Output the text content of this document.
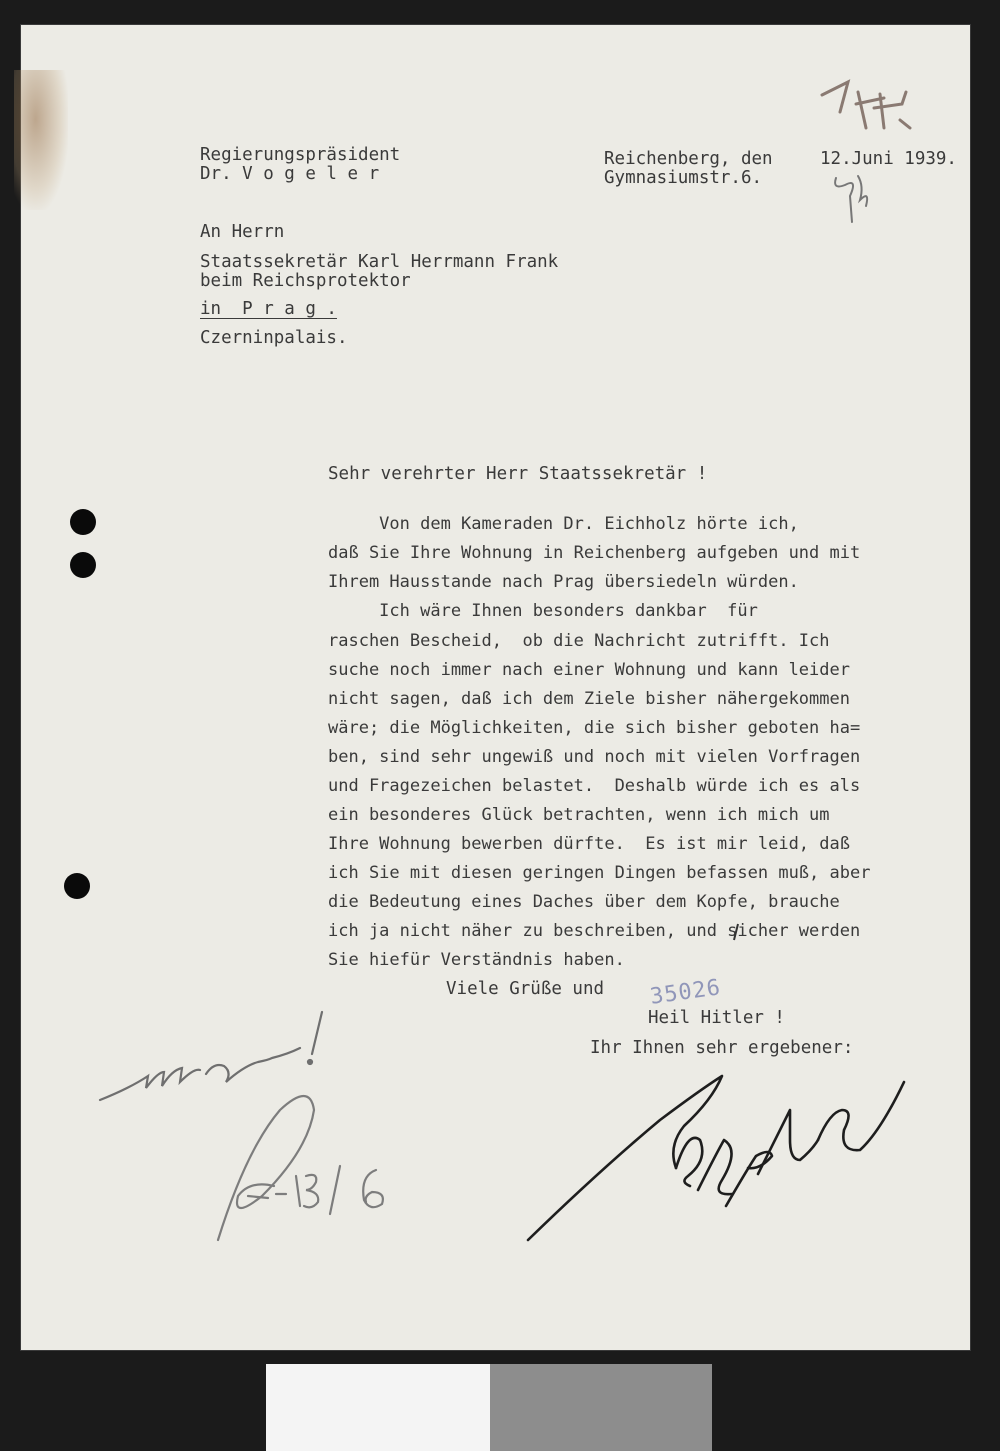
Regierungspräsident
Dr. V o g e l e r
Reichenberg, den	12.Juni 1939.
Gymnasiumstr.6.
An Herrn
Staatssekretär Karl Herrmann Frank
beim Reichsprotektor
in  P r a g .
Czerninpalais.
Sehr verehrter Herr Staatssekretär !
Von dem Kameraden Dr. Eichholz hörte ich,
daß Sie Ihre Wohnung in Reichenberg aufgeben und mit
Ihrem Hausstande nach Prag übersiedeln würden.
Ich wäre Ihnen besonders dankbar  für
raschen Bescheid,  ob die Nachricht zutrifft. Ich
suche noch immer nach einer Wohnung und kann leider
nicht sagen, daß ich dem Ziele bisher nähergekommen
wäre; die Möglichkeiten, die sich bisher geboten ha=
ben, sind sehr ungewiß und noch mit vielen Vorfragen
und Fragezeichen belastet.  Deshalb würde ich es als
ein besonderes Glück betrachten, wenn ich mich um
Ihre Wohnung bewerben dürfte.  Es ist mir leid, daß
ich Sie mit diesen geringen Dingen befassen muß, aber
die Bedeutung eines Daches über dem Kopfe, brauche
ich ja nicht näher zu beschreiben, und sicher werden
Sie hiefür Verständnis haben.
Viele Grüße und
Heil Hitler !
Ihr Ihnen sehr ergebener:
35026
